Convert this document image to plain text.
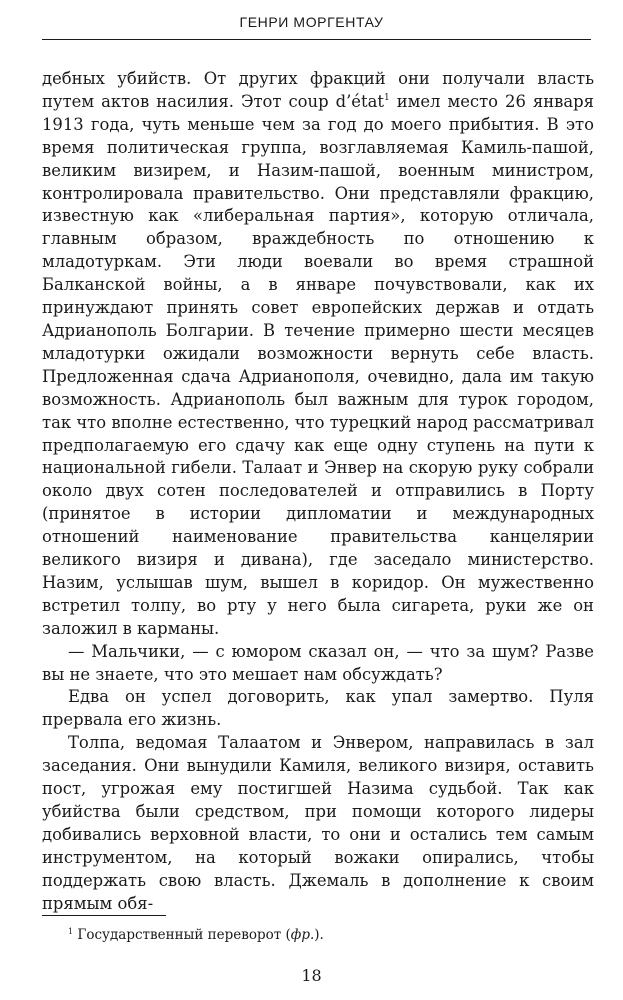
ГЕНРИ МОРГЕНТАУ

дебных убийств. От других фракций они получали власть путем актов насилия. Этот coup d’état$^1$ имел место 26 января 1913 года, чуть меньше чем за год до моего прибытия. В это время политическая группа, возглавляемая Камиль-пашой, великим визирем, и Назим-пашой, военным министром, контролировала правительство. Они представляли фракцию, известную как «либеральная партия», которую отличала, главным образом, враждебность по отношению к младотуркам. Эти люди воевали во время страшной Балканской войны, а в январе почувствовали, как их принуждают принять совет европейских держав и отдать Адрианополь Болгарии. В течение примерно шести месяцев младотурки ожидали возможности вернуть себе власть. Предложенная сдача Адрианополя, очевидно, дала им такую возможность. Адрианополь был важным для турок городом, так что вполне естественно, что турецкий народ рассматривал предполагаемую его сдачу как еще одну ступень на пути к национальной гибели. Талаат и Энвер на скорую руку собрали около двух сотен последователей и отправились в Порту (принятое в истории дипломатии и международных отношений наименование правительства канцелярии великого визиря и дивана), где заседало министерство. Назим, услышав шум, вышел в коридор. Он мужественно встретил толпу, во рту у него была сигарета, руки же он заложил в карманы.

— Мальчики, — с юмором сказал он, — что за шум? Разве вы не знаете, что это мешает нам обсуждать?

Едва он успел договорить, как упал замертво. Пуля прервала его жизнь.

Толпа, ведомая Талаатом и Энвером, направилась в зал заседания. Они вынудили Камиля, великого визиря, оставить пост, угрожая ему постигшей Назима судьбой. Так как убийства были средством, при помощи которого лидеры добивались верховной власти, то они и остались тем самым инструментом, на который вожаки опирались, чтобы поддержать свою власть. Джемаль в дополнение к своим прямым обя-

$^1$ Государственный переворот (фр.).
18
